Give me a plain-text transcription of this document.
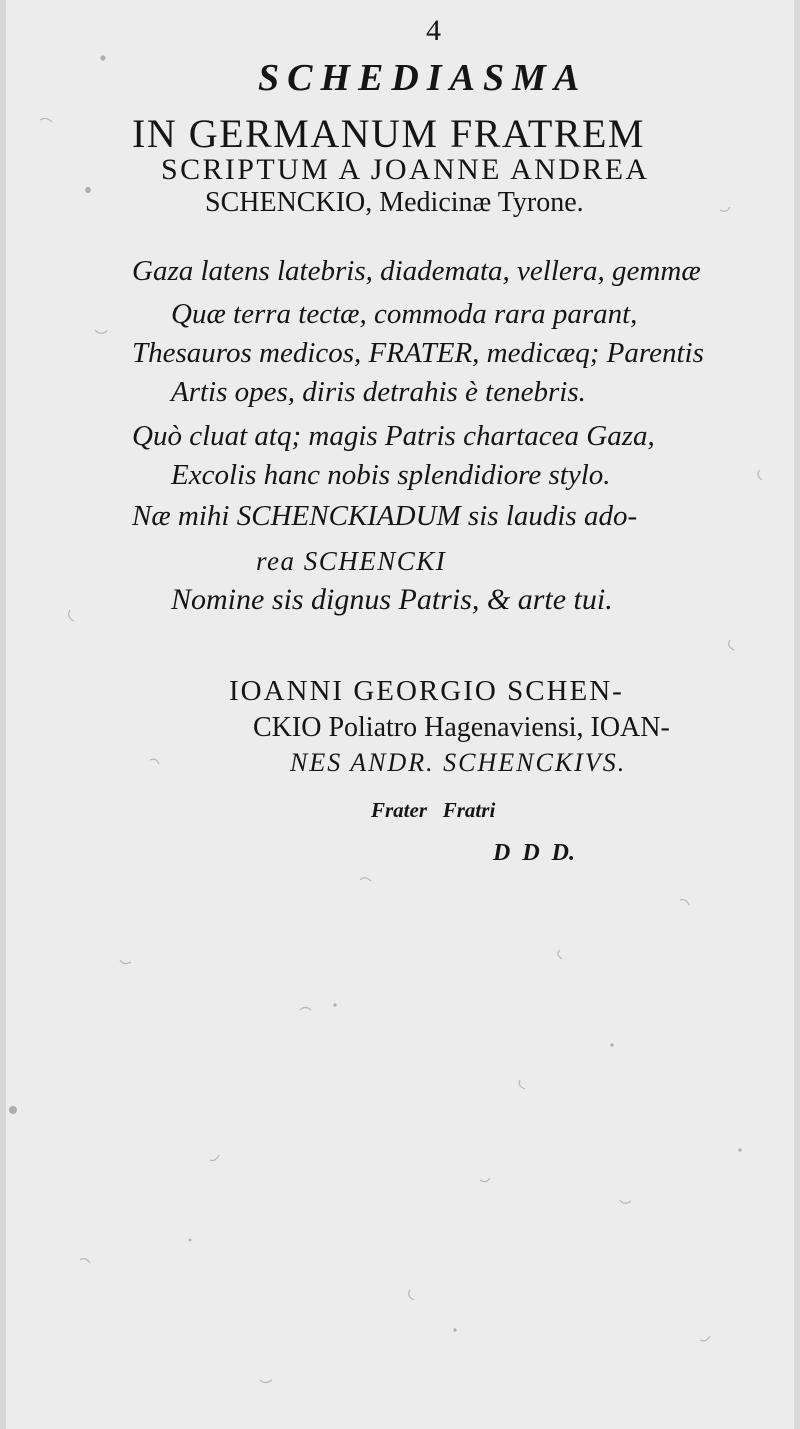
4

SCHEDIASMA

IN GERMANUM FRATREM

SCRIPTUM A JOANNE ANDREA

SCHENCKIO, Medicinæ Tyrone.

Gaza latens latebris, diademata, vellera, gemmæ

Quæ terra tectæ, commoda rara parant,

Thesauros medicos, FRATER, medicæq; Parentis

Artis opes, diris detrahis è tenebris.

Quò cluat atq; magis Patris chartacea Gaza,

Excolis hanc nobis splendidiore stylo.

Næ mihi SCHENCKIADUM sis laudis ado-

rea SCHENCKI

Nomine sis dignus Patris, & arte tui.

IOANNI GEORGIO SCHEN-

CKIO Poliatro Hagenaviensi, IOAN-

NES ANDR. SCHENCKIVS.

Frater   Fratri

D  D  D.
